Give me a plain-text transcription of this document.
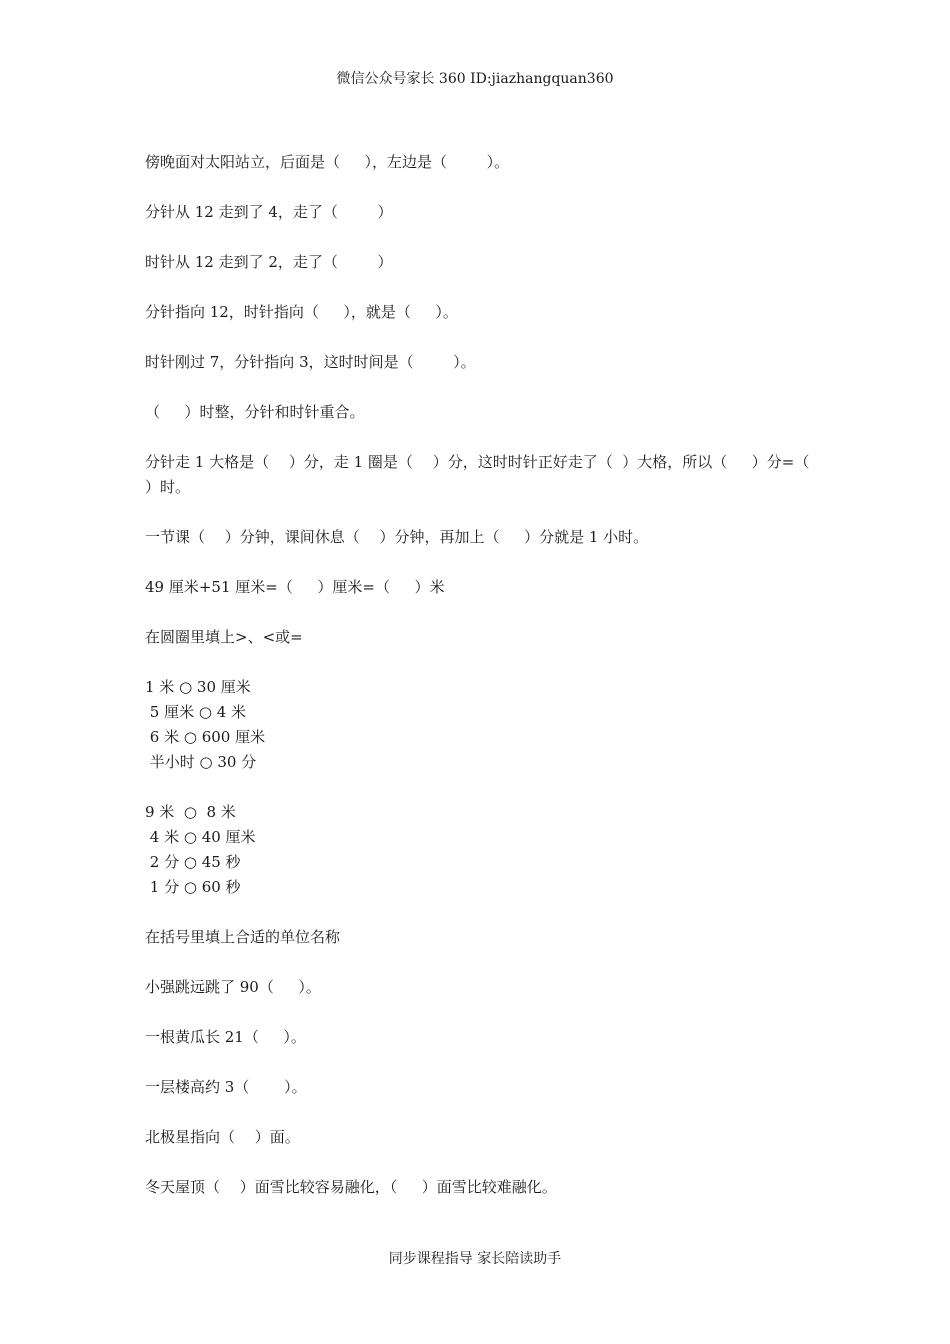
微信公众号家长 360 ID:jiazhangquan360
傍晚面对太阳站立，后面是（　  ），左边是（　　  ）。
分针从 12 走到了 4，走了（　　  ）
时针从 12 走到了 2，走了（　　  ）
分针指向 12，时针指向（　  ），就是（　  ）。
时针刚过 7，分针指向 3，这时时间是（　　  ）。
（　  ）时整，分针和时针重合。
分针走 1 大格是（　 ）分，走 1 圈是（　 ）分，这时时针正好走了（  ）大格，所以（　  ）分=（
）时。
一节课（　 ）分钟，课间休息（　 ）分钟，再加上（　  ）分就是 1 小时。
49 厘米+51 厘米=（　  ）厘米=（　  ）米
在圆圈里填上>、<或=
1 米 ○ 30 厘米
5 厘米 ○ 4 米
6 米 ○ 600 厘米
半小时 ○ 30 分
9 米  ○  8 米
4 米 ○ 40 厘米
2 分 ○ 45 秒
1 分 ○ 60 秒
在括号里填上合适的单位名称
小强跳远跳了 90（　  ）。
一根黄瓜长 21（　  ）。
一层楼高约 3（　　 ）。
北极星指向（　 ）面。
冬天屋顶（　 ）面雪比较容易融化，（　  ）面雪比较难融化。
同步课程指导 家长陪读助手
